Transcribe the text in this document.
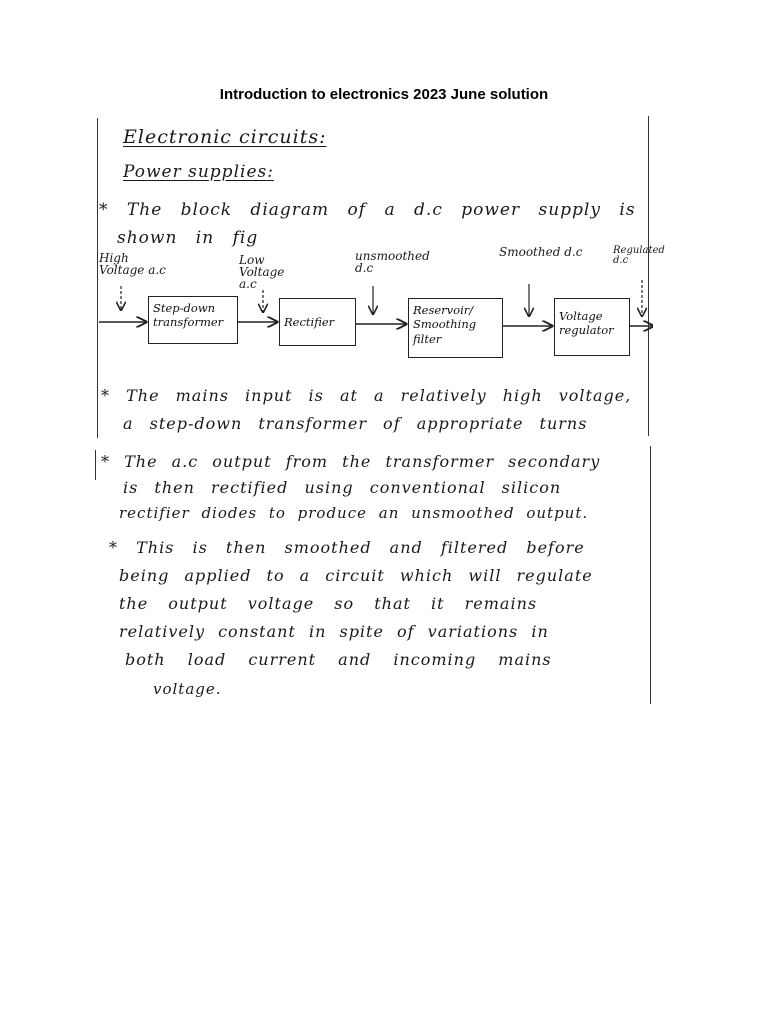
Introduction to electronics 2023 June solution
Electronic circuits:
Power supplies:
* The block diagram of a d.c power supply is
shown in fig
High Voltage a.c
Low Voltage a.c
unsmoothed d.c
Smoothed d.c	Regulated d.c
Step-down transformer	Rectifier
Reservoir/ Smoothing filter
Voltage regulator
* The mains input is at a relatively high voltage,
a step-down transformer of appropriate turns
* The a.c output from the transformer secondary
is then rectified using conventional silicon
rectifier diodes to produce an unsmoothed output.
* This is then smoothed and filtered before
being applied to a circuit which will regulate
the output voltage so that it remains
relatively constant in spite of variations in
both load current and incoming mains
voltage.
